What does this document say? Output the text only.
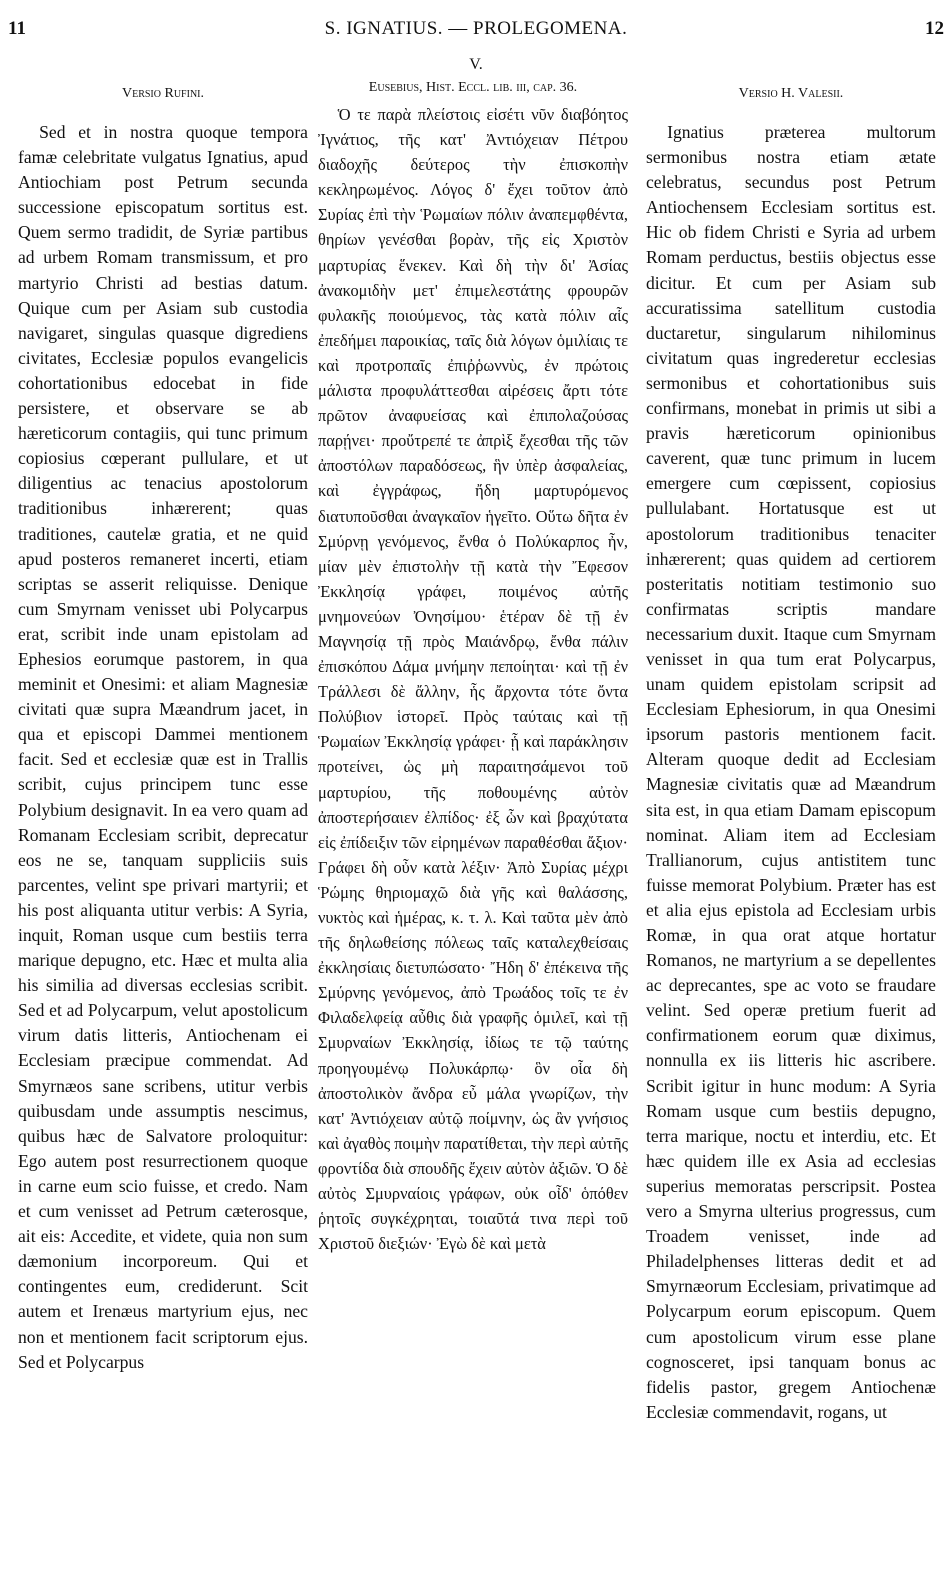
11	S. IGNATIUS. — PROLEGOMENA.	12
V.
Versio Rufini.

Sed et in nostra quoque tempora famæ celebritate vulgatus Ignatius, apud Antiochiam post Petrum secunda successione episcopatum sortitus est. Quem sermo tradidit, de Syriæ partibus ad urbem Romam transmissum, et pro martyrio Christi ad bestias datum. Quique cum per Asiam sub custodia navigaret, singulas quasque digrediens civitates, Ecclesiæ populos evangelicis cohortationibus edocebat in fide persistere, et observare se ab hæreticorum contagiis, qui tunc primum copiosius cœperant pullulare, et ut diligentius ac tenacius apostolorum traditionibus inhærerent; quas traditiones, cautelæ gratia, et ne quid apud posteros remaneret incerti, etiam scriptas se asserit reliquisse. Denique cum Smyrnam venisset ubi Polycarpus erat, scribit inde unam epistolam ad Ephesios eorumque pastorem, in qua meminit et Onesimi: et aliam Magnesiæ civitati quæ supra Mæandrum jacet, in qua et episcopi Dammei mentionem facit. Sed et ecclesiæ quæ est in Trallis scribit, cujus principem tunc esse Polybium designavit. In ea vero quam ad Romanam Ecclesiam scribit, deprecatur eos ne se, tanquam suppliciis suis parcentes, velint spe privari martyrii; et his post aliquanta utitur verbis: A Syria, inquit, Roman usque cum bestiis terra marique depugno, etc. Hæc et multa alia his similia ad diversas ecclesias scribit. Sed et ad Polycarpum, velut apostolicum virum datis litteris, Antiochenam ei Ecclesiam præcipue commendat. Ad Smyrnæos sane scribens, utitur verbis quibusdam unde assumptis nescimus, quibus hæc de Salvatore proloquitur: Ego autem post resurrectionem quoque in carne eum scio fuisse, et credo. Nam et cum venisset ad Petrum cæterosque, ait eis: Accedite, et videte, quia non sum dæmonium incorporeum. Qui et contingentes eum, crediderunt. Scit autem et Irenæus martyrium ejus, nec non et mentionem facit scriptorum ejus. Sed et Polycarpus

Eusebius, Hist. Eccl. lib. iii, cap. 36.

Ὁ τε παρὰ πλείστοις εἰσέτι νῦν διαβόητος Ἰγνάτιος, τῆς κατ' Ἀντιόχειαν Πέτρου διαδοχῆς δεύτερος τὴν ἐπισκοπὴν κεκληρωμένος. Λόγος δ' ἔχει τοῦτον ἀπὸ Συρίας ἐπὶ τὴν Ῥωμαίων πόλιν ἀναπεμφθέντα, θηρίων γενέσθαι βορὰν, τῆς εἰς Χριστὸν μαρτυρίας ἕνεκεν. Καὶ δὴ τὴν δι' Ἀσίας ἀνακομιδὴν μετ' ἐπιμελεστάτης φρουρῶν φυλακῆς ποιούμενος, τὰς κατὰ πόλιν αἷς ἐπεδήμει παροικίας, ταῖς διὰ λόγων ὁμιλίαις τε καὶ προτροπαῖς ἐπιῤῥωννὺς, ἐν πρώτοις μάλιστα προφυλάττεσθαι αἱρέσεις ἄρτι τότε πρῶτον ἀναφυείσας καὶ ἐπιπολαζούσας παρῄνει· προὔτρεπέ τε ἀπρὶξ ἔχεσθαι τῆς τῶν ἀποστόλων παραδόσεως, ἣν ὑπὲρ ἀσφαλείας, καὶ ἐγγράφως, ἤδη μαρτυρόμενος διατυποῦσθαι ἀναγκαῖον ἡγεῖτο. Οὕτω δῆτα ἐν Σμύρνῃ γενόμενος, ἔνθα ὁ Πολύκαρπος ἦν, μίαν μὲν ἐπιστολὴν τῇ κατὰ τὴν Ἔφεσον Ἐκκλησίᾳ γράφει, ποιμένος αὐτῆς μνημονεύων Ὀνησίμου· ἑτέραν δὲ τῇ ἐν Μαγνησίᾳ τῇ πρὸς Μαιάνδρῳ, ἔνθα πάλιν ἐπισκόπου Δάμα μνήμην πεποίηται· καὶ τῇ ἐν Τράλλεσι δὲ ἄλλην, ἧς ἄρχοντα τότε ὄντα Πολύβιον ἱστορεῖ. Πρὸς ταύταις καὶ τῇ Ῥωμαίων Ἐκκλησίᾳ γράφει· ᾗ καὶ παράκλησιν προτείνει, ὡς μὴ παραιτησάμενοι τοῦ μαρτυρίου, τῆς ποθουμένης αὐτὸν ἀποστερήσαιεν ἐλπίδος· ἐξ ὧν καὶ βραχύτατα εἰς ἐπίδειξιν τῶν εἰρημένων παραθέσθαι ἄξιον· Γράφει δὴ οὖν κατὰ λέξιν· Ἀπὸ Συρίας μέχρι Ῥώμης θηριομαχῶ διὰ γῆς καὶ θαλάσσης, νυκτὸς καὶ ἡμέρας, κ. τ. λ. Καὶ ταῦτα μὲν ἀπὸ τῆς δηλωθείσης πόλεως ταῖς καταλεχθείσαις ἐκκλησίαις διετυπώσατο· Ἤδη δ' ἐπέκεινα τῆς Σμύρνης γενόμενος, ἀπὸ Τρωάδος τοῖς τε ἐν Φιλαδελφείᾳ αὖθις διὰ γραφῆς ὁμιλεῖ, καὶ τῇ Σμυρναίων Ἐκκλησίᾳ, ἰδίως τε τῷ ταύτης προηγουμένῳ Πολυκάρπῳ· ὃν οἷα δὴ ἀποστολικὸν ἄνδρα εὖ μάλα γνωρίζων, τὴν κατ' Ἀντιόχειαν αὐτῷ ποίμνην, ὡς ἂν γνήσιος καὶ ἀγαθὸς ποιμὴν παρατίθεται, τὴν περὶ αὐτῆς φροντίδα διὰ σπουδῆς ἔχειν αὐτὸν ἀξιῶν. Ὁ δὲ αὐτὸς Σμυρναίοις γράφων, οὐκ οἶδ' ὁπόθεν ῥητοῖς συγκέχρηται, τοιαῦτά τινα περὶ τοῦ Χριστοῦ διεξιών· Ἐγὼ δὲ καὶ μετὰ

Versio H. Valesii.

Ignatius præterea multorum sermonibus nostra etiam ætate celebratus, secundus post Petrum Antiochensem Ecclesiam sortitus est. Hic ob fidem Christi e Syria ad urbem Romam perductus, bestiis objectus esse dicitur. Et cum per Asiam sub accuratissima satellitum custodia ductaretur, singularum nihilominus civitatum quas ingrederetur ecclesias sermonibus et cohortationibus suis confirmans, monebat in primis ut sibi a pravis hæreticorum opinionibus caverent, quæ tunc primum in lucem emergere cum cœpissent, copiosius pullulabant. Hortatusque est ut apostolorum traditionibus tenaciter inhærerent; quas quidem ad certiorem posteritatis notitiam testimonio suo confirmatas scriptis mandare necessarium duxit. Itaque cum Smyrnam venisset in qua tum erat Polycarpus, unam quidem epistolam scripsit ad Ecclesiam Ephesiorum, in qua Onesimi ipsorum pastoris mentionem facit. Alteram quoque dedit ad Ecclesiam Magnesiæ civitatis quæ ad Mæandrum sita est, in qua etiam Damam episcopum nominat. Aliam item ad Ecclesiam Trallianorum, cujus antistitem tunc fuisse memorat Polybium. Præter has est et alia ejus epistola ad Ecclesiam urbis Romæ, in qua orat atque hortatur Romanos, ne martyrium a se depellentes ac deprecantes, spe ac voto se fraudare velint. Sed operæ pretium fuerit ad confirmationem eorum quæ diximus, nonnulla ex iis litteris hic ascribere. Scribit igitur in hunc modum: A Syria Romam usque cum bestiis depugno, terra marique, noctu et interdiu, etc. Et hæc quidem ille ex Asia ad ecclesias superius memoratas perscripsit. Postea vero a Smyrna ulterius progressus, cum Troadem venisset, inde ad Philadelphenses litteras dedit et ad Smyrnæorum Ecclesiam, privatimque ad Polycarpum eorum episcopum. Quem cum apostolicum virum esse plane cognosceret, ipsi tanquam bonus ac fidelis pastor, gregem Antiochenæ Ecclesiæ commendavit, rogans, ut
